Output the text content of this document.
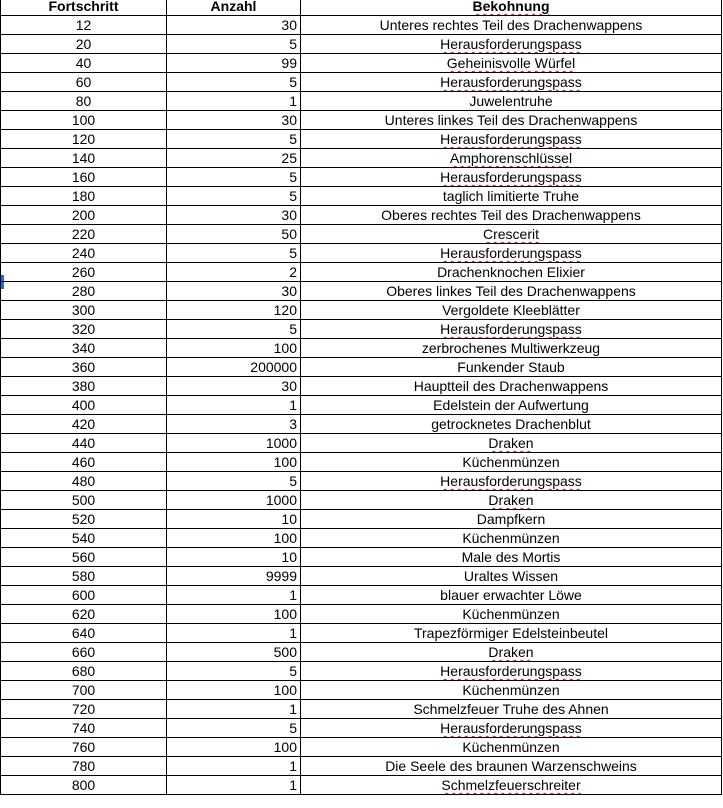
Fortschritt	Anzahl	Bekohnung
12	30	Unteres rechtes Teil des Drachenwappens
20	5	Herausforderungspass
40	99	Geheinisvolle Würfel
60	5	Herausforderungspass
80	1	Juwelentruhe
100	30	Unteres linkes Teil des Drachenwappens
120	5	Herausforderungspass
140	25	Amphorenschlüssel
160	5	Herausforderungspass
180	5	taglich limitierte Truhe
200	30	Oberes rechtes Teil des Drachenwappens
220	50	Crescerit
240	5	Herausforderungspass
260	2	Drachenknochen Elixier
280	30	Oberes linkes Teil des Drachenwappens
300	120	Vergoldete Kleeblätter
320	5	Herausforderungspass
340	100	zerbrochenes Multiwerkzeug
360	200000	Funkender Staub
380	30	Hauptteil des Drachenwappens
400	1	Edelstein der Aufwertung
420	3	getrocknetes Drachenblut
440	1000	Draken
460	100	Küchenmünzen
480	5	Herausforderungspass
500	1000	Draken
520	10	Dampfkern
540	100	Küchenmünzen
560	10	Male des Mortis
580	9999	Uraltes Wissen
600	1	blauer erwachter Löwe
620	100	Küchenmünzen
640	1	Trapezförmiger Edelsteinbeutel
660	500	Draken
680	5	Herausforderungspass
700	100	Küchenmünzen
720	1	Schmelzfeuer Truhe des Ahnen
740	5	Herausforderungspass
760	100	Küchenmünzen
780	1	Die Seele des braunen Warzenschweins
800	1	Schmelzfeuerschreiter
